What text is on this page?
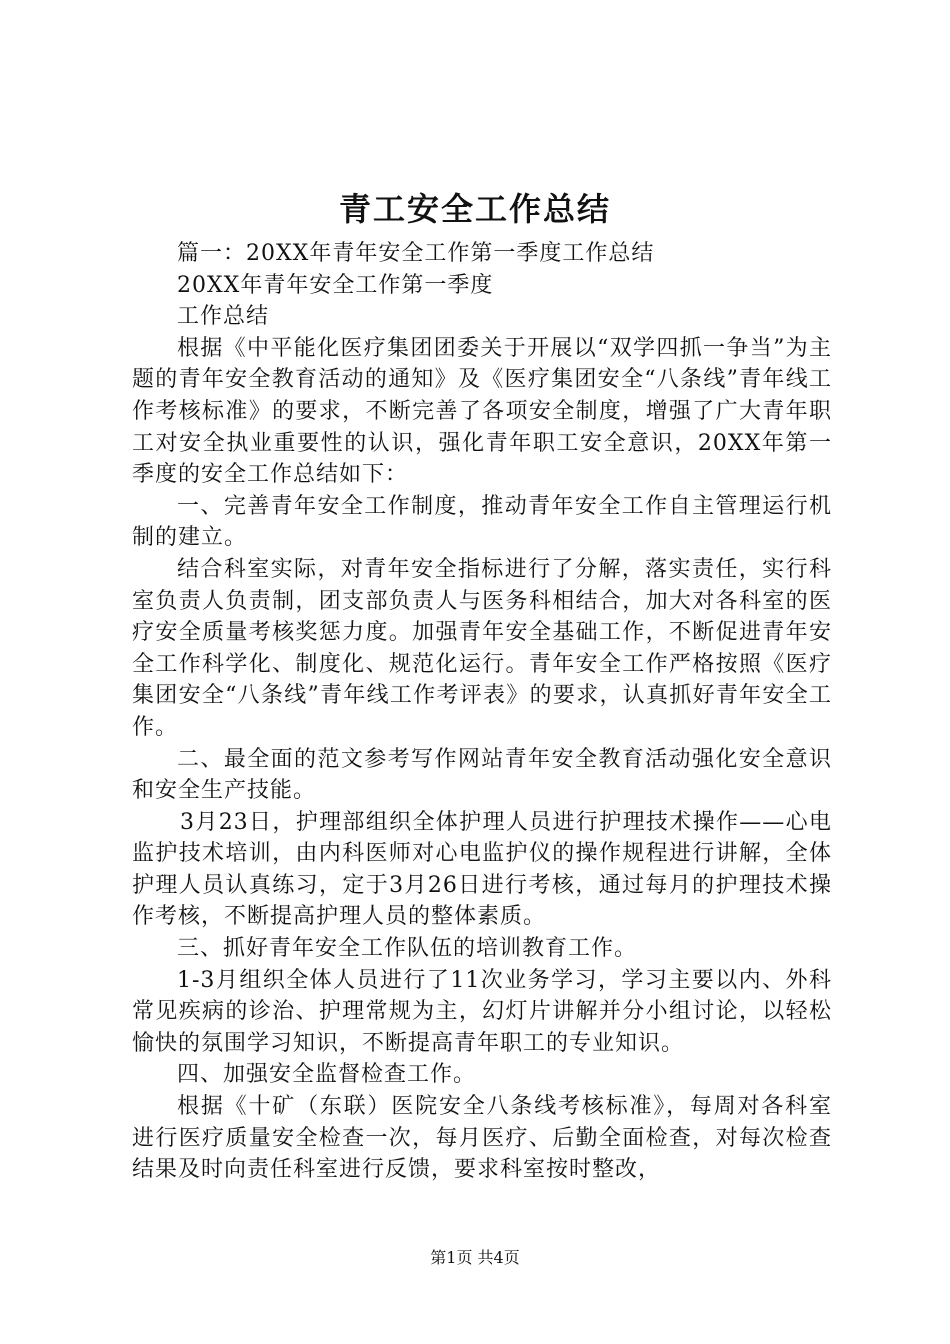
青工安全工作总结

篇一：20XX年青年安全工作第一季度工作总结

20XX年青年安全工作第一季度

工作总结

根据《中平能化医疗集团团委关于开展以“双学四抓一争当”为主题的青年安全教育活动的通知》及《医疗集团安全“八条线”青年线工作考核标准》的要求，不断完善了各项安全制度，增强了广大青年职工对安全执业重要性的认识，强化青年职工安全意识，20XX年第一季度的安全工作总结如下：

一、完善青年安全工作制度，推动青年安全工作自主管理运行机制的建立。

结合科室实际，对青年安全指标进行了分解，落实责任，实行科室负责人负责制，团支部负责人与医务科相结合，加大对各科室的医疗安全质量考核奖惩力度。加强青年安全基础工作，不断促进青年安全工作科学化、制度化、规范化运行。青年安全工作严格按照《医疗集团安全“八条线”青年线工作考评表》的要求，认真抓好青年安全工作。

二、最全面的范文参考写作网站青年安全教育活动强化安全意识和安全生产技能。

3月23日，护理部组织全体护理人员进行护理技术操作——心电监护技术培训，由内科医师对心电监护仪的操作规程进行讲解，全体护理人员认真练习，定于3月26日进行考核，通过每月的护理技术操作考核，不断提高护理人员的整体素质。

三、抓好青年安全工作队伍的培训教育工作。

1-3月组织全体人员进行了11次业务学习，学习主要以内、外科常见疾病的诊治、护理常规为主，幻灯片讲解并分小组讨论，以轻松愉快的氛围学习知识，不断提高青年职工的专业知识。

四、加强安全监督检查工作。

根据《十矿（东联）医院安全八条线考核标准》，每周对各科室进行医疗质量安全检查一次，每月医疗、后勤全面检查，对每次检查结果及时向责任科室进行反馈，要求科室按时整改，

第1页 共4页
